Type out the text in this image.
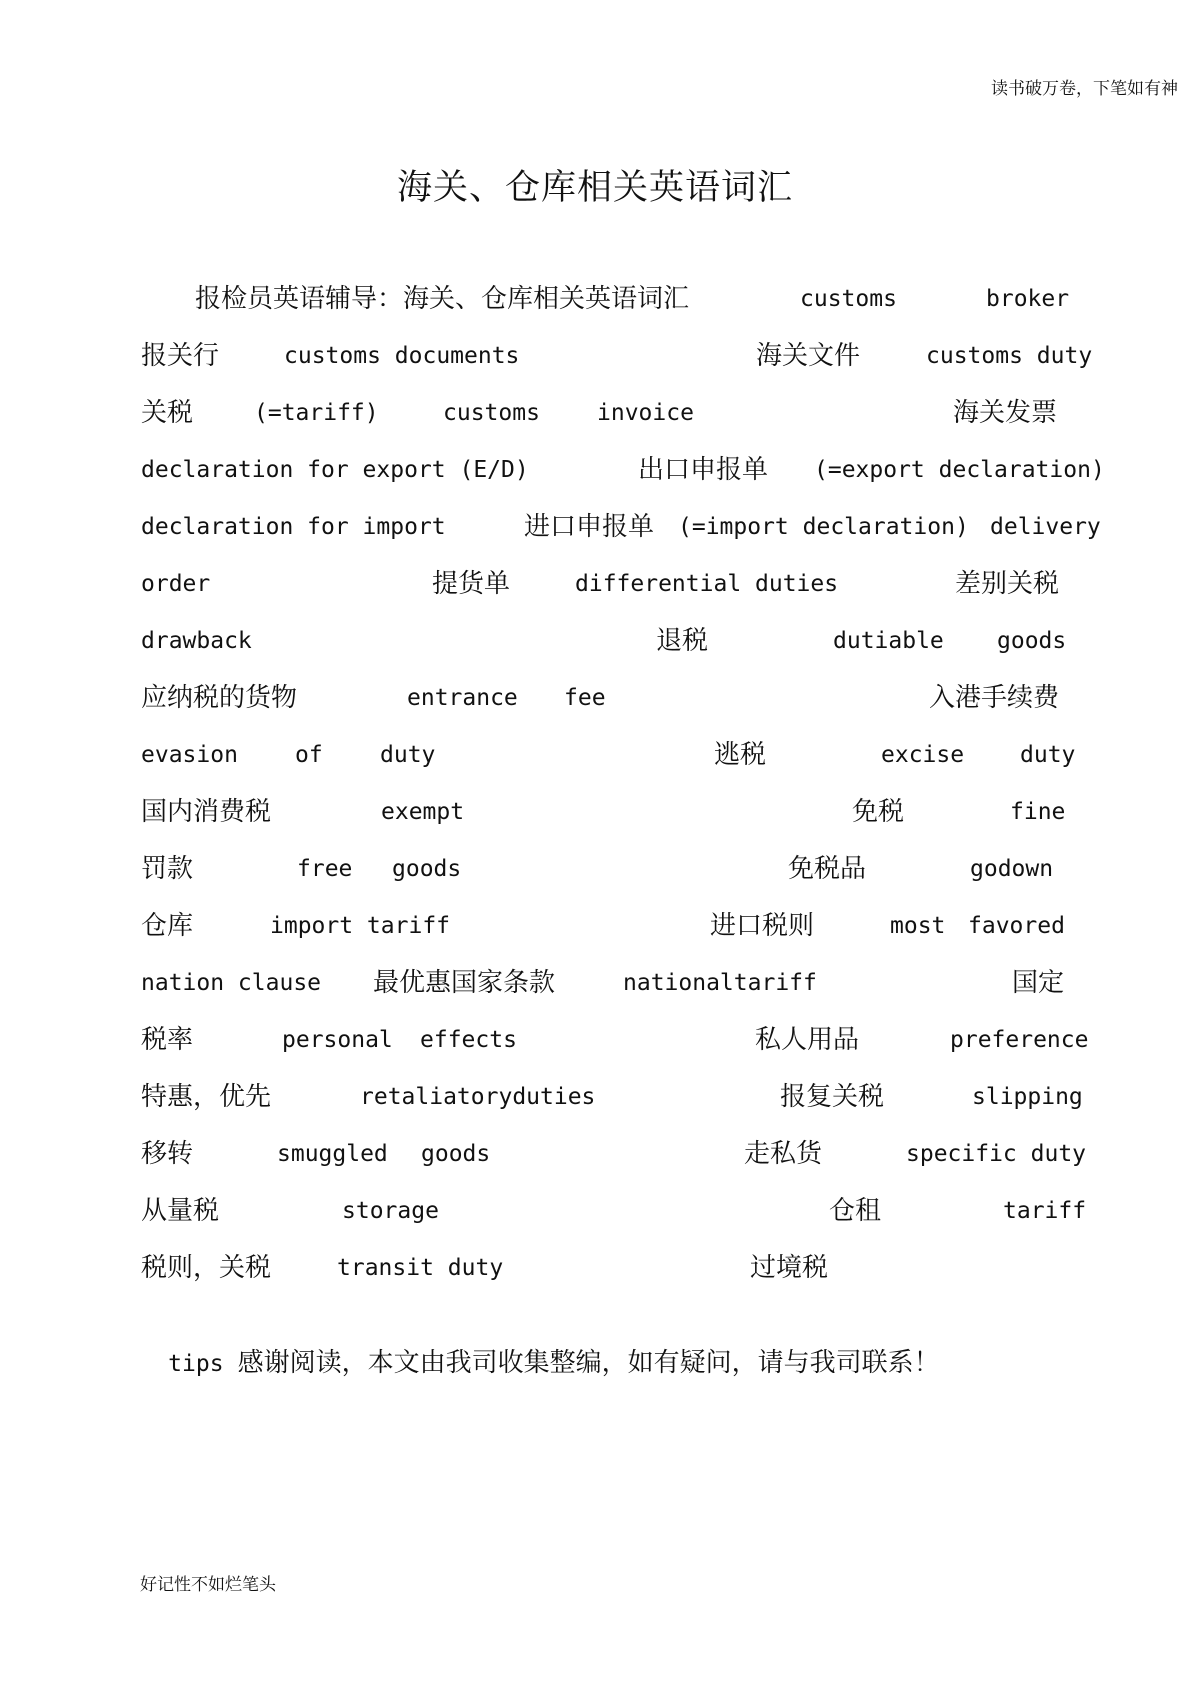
读书破万卷，下笔如有神
海关、仓库相关英语词汇
报检员英语辅导：海关、仓库相关英语词汇	customs	broker
报关行	customs documents	海关文件	customs duty
关税	(=tariff)	customs invoice	海关发票
declaration for export (E/D)	出口申报单 (=export declaration)
declaration for import	进口申报单 (=import declaration) delivery
order	提货单	differential duties	差别关税
drawback	退税	dutiable goods
应纳税的货物	entrance fee	入港手续费
evasion of duty	逃税	excise duty
国内消费税	exempt	免税	fine
罚款	free goods	免税品	godown
仓库	import tariff	进口税则	most favored
nation clause 最优惠国家条款	nationaltariff	国定
税率	personal effects	私人用品	preference
特惠，优先	retaliatoryduties	报复关税	slipping
移转	smuggled goods	走私货	specific duty
从量税	storage	仓租	tariff
税则，关税	transit duty	过境税

tips 感谢阅读，本文由我司收集整编，如有疑问，请与我司联系！

好记性不如烂笔头
